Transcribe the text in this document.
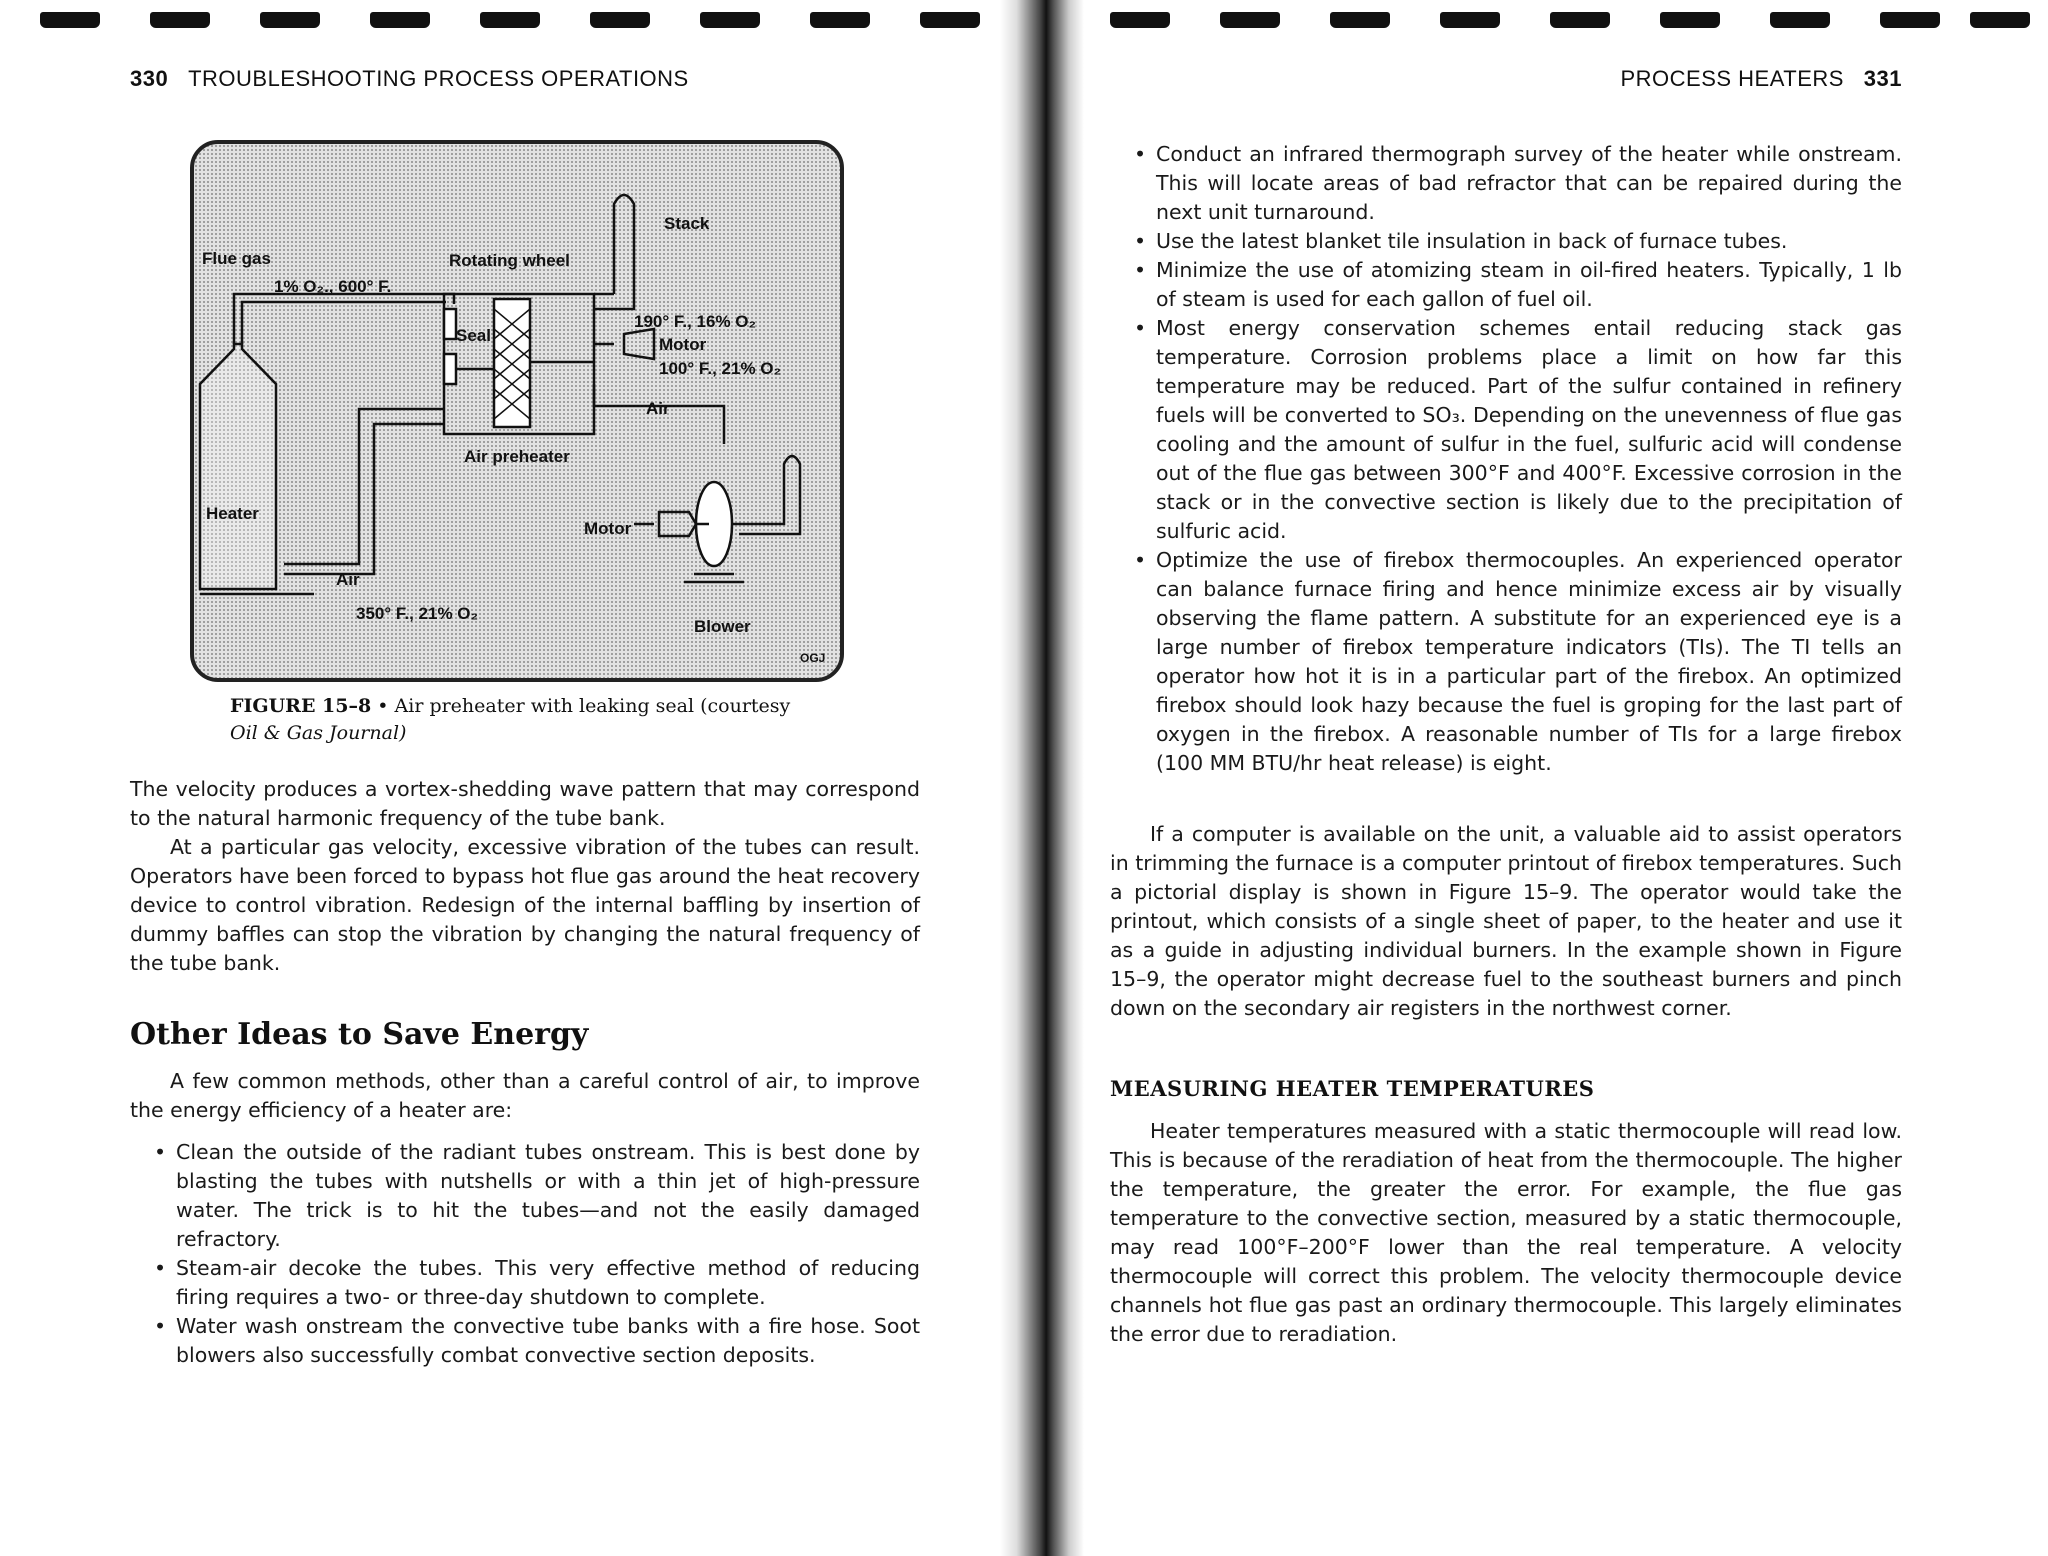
330 TROUBLESHOOTING PROCESS OPERATIONS
Stack
Flue gas	Rotating wheel
1% O₂., 600° F.
190° F., 16% O₂
Seal	Motor
100° F., 21% O₂
Air
Air preheater
Heater
Air
Motor
350° F., 21% O₂
Blower
OGJ
FIGURE 15–8 • Air preheater with leaking seal (courtesy
Oil & Gas Journal)

The velocity produces a vortex-shedding wave pattern that may correspond to the natural harmonic frequency of the tube bank.

At a particular gas velocity, excessive vibration of the tubes can result. Operators have been forced to bypass hot flue gas around the heat recovery device to control vibration. Redesign of the internal baffling by insertion of dummy baffles can stop the vibration by changing the natural frequency of the tube bank.

Other Ideas to Save Energy

A few common methods, other than a careful control of air, to improve the energy efficiency of a heater are:

• Clean the outside of the radiant tubes onstream. This is best done by blasting the tubes with nutshells or with a thin jet of high-pressure water. The trick is to hit the tubes—and not the easily damaged refractory.
• Steam-air decoke the tubes. This very effective method of reducing firing requires a two- or three-day shutdown to complete.
• Water wash onstream the convective tube banks with a fire hose. Soot blowers also successfully combat convective section deposits.
PROCESS HEATERS 331
• Conduct an infrared thermograph survey of the heater while onstream. This will locate areas of bad refractor that can be repaired during the next unit turnaround.
• Use the latest blanket tile insulation in back of furnace tubes.
• Minimize the use of atomizing steam in oil-fired heaters. Typically, 1 lb of steam is used for each gallon of fuel oil.
• Most energy conservation schemes entail reducing stack gas temperature. Corrosion problems place a limit on how far this temperature may be reduced. Part of the sulfur contained in refinery fuels will be converted to SO₃. Depending on the unevenness of flue gas cooling and the amount of sulfur in the fuel, sulfuric acid will condense out of the flue gas between 300°F and 400°F. Excessive corrosion in the stack or in the convective section is likely due to the precipitation of sulfuric acid.
• Optimize the use of firebox thermocouples. An experienced operator can balance furnace firing and hence minimize excess air by visually observing the flame pattern. A substitute for an experienced eye is a large number of firebox temperature indicators (TIs). The TI tells an operator how hot it is in a particular part of the firebox. An optimized firebox should look hazy because the fuel is groping for the last part of oxygen in the firebox. A reasonable number of TIs for a large firebox (100 MM BTU/hr heat release) is eight.

If a computer is available on the unit, a valuable aid to assist operators in trimming the furnace is a computer printout of firebox temperatures. Such a pictorial display is shown in Figure 15–9. The operator would take the printout, which consists of a single sheet of paper, to the heater and use it as a guide in adjusting individual burners. In the example shown in Figure 15–9, the operator might decrease fuel to the southeast burners and pinch down on the secondary air registers in the northwest corner.

MEASURING HEATER TEMPERATURES

Heater temperatures measured with a static thermocouple will read low. This is because of the reradiation of heat from the thermocouple. The higher the temperature, the greater the error. For example, the flue gas temperature to the convective section, measured by a static thermocouple, may read 100°F–200°F lower than the real temperature. A velocity thermocouple will correct this problem. The velocity thermocouple device channels hot flue gas past an ordinary thermocouple. This largely eliminates the error due to reradiation.
